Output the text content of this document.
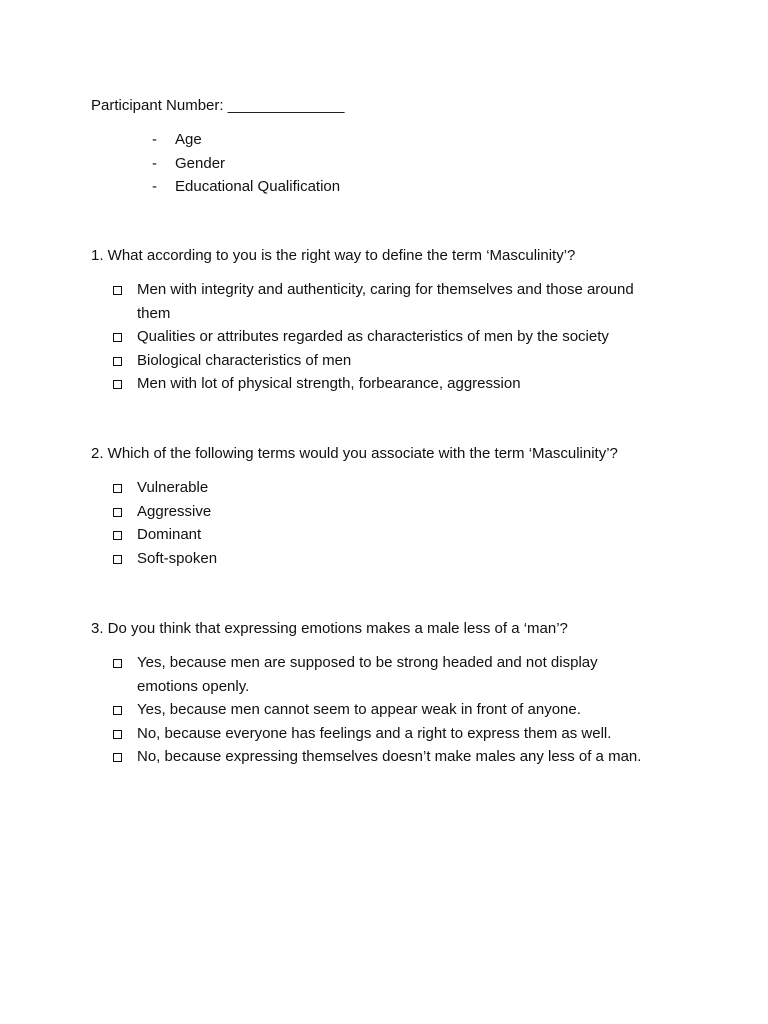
Participant Number: ______________
-	Age
-	Gender
-	Educational Qualification
1. What according to you is the right way to define the term ‘Masculinity’?
Men with integrity and authenticity, caring for themselves and those around them
Qualities or attributes regarded as characteristics of men by the society
Biological characteristics of men
Men with lot of physical strength, forbearance, aggression
2. Which of the following terms would you associate with the term ‘Masculinity’?
Vulnerable
Aggressive
Dominant
Soft-spoken
3. Do you think that expressing emotions makes a male less of a ‘man’?
Yes, because men are supposed to be strong headed and not display emotions openly.
Yes, because men cannot seem to appear weak in front of anyone.
No, because everyone has feelings and a right to express them as well.
No, because expressing themselves doesn’t make males any less of a man.
